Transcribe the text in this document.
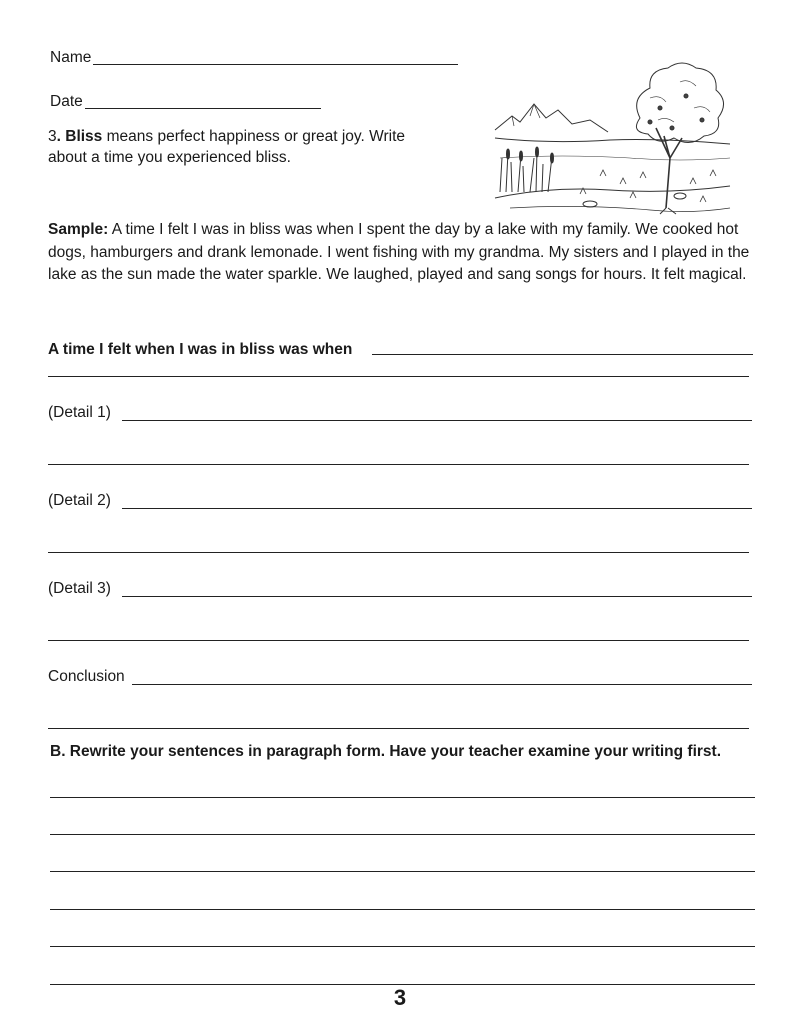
Name
Date
3. Bliss means perfect happiness or great joy. Write about a time you experienced bliss.
Sample: A time I felt I was in bliss was when I spent the day by a lake with my family. We cooked hot dogs, hamburgers and drank lemonade. I went fishing with my grandma. My sisters and I played in the lake as the sun made the water sparkle. We laughed, played and sang songs for hours. It felt magical.
A time I felt when I was in bliss was when
(Detail 1)
(Detail 2)
(Detail 3)
Conclusion
B. Rewrite your sentences in paragraph form. Have your teacher examine your writing first.
3
